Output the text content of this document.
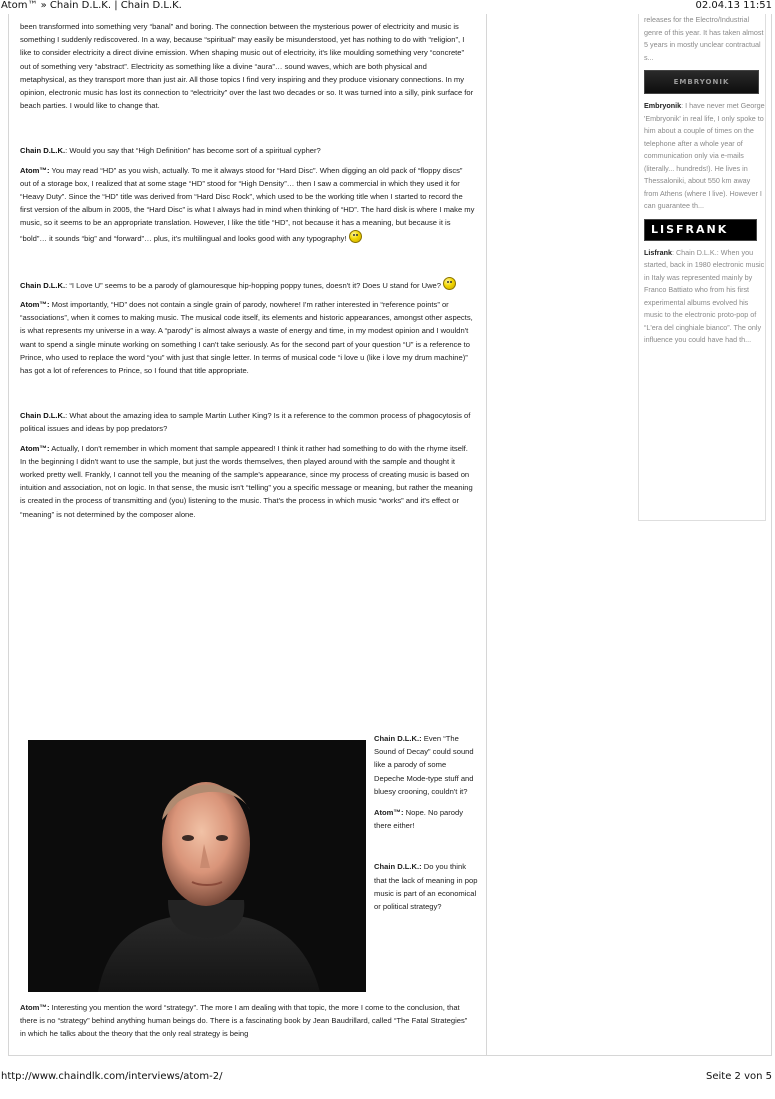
Atom™ » Chain D.L.K. | Chain D.L.K.	02.04.13 11:51

been transformed into something very “banal” and boring. The connection between the mysterious power of electricity and music is something I suddenly rediscovered. In a way, because “spiritual” may easily be misunderstood, yet has nothing to do with “religion”, I like to consider electricity a direct divine emission. When shaping music out of electricity, it's like moulding something very “concrete” out of something very “abstract”. Electricity as something like a divine “aura”… sound waves, which are both physical and metaphysical, as they transport more than just air. All those topics I find very inspiring and they produce visionary connections. In my opinion, electronic music has lost its connection to “electricity” over the last two decades or so. It was turned into a silly, pink surface for beach parties. I would like to change that.

Chain D.L.K.: Would you say that “High Definition” has become sort of a spiritual cypher?

Atom™: You may read “HD” as you wish, actually. To me it always stood for “Hard Disc”. When digging an old pack of “floppy discs” out of a storage box, I realized that at some stage “HD” stood for “High Density”… then I saw a commercial in which they used it for “Heavy Duty”. Since the “HD” title was derived from “Hard Disc Rock”, which used to be the working title when I started to record the first version of the album in 2005, the “Hard Disc” is what I always had in mind when thinking of “HD”. The hard disk is where I make my music, so it seems to be an appropriate translation. However, I like the title “HD”, not because it has a meaning, but because it is “bold”… it sounds “big” and “forward”… plus, it's multilingual and looks good with any typography!

Chain D.L.K.: “I Love U” seems to be a parody of glamouresque hip-hopping poppy tunes, doesn't it? Does U stand for Uwe?

Atom™: Most importantly, “HD” does not contain a single grain of parody, nowhere! I'm rather interested in “reference points” or “associations”, when it comes to making music. The musical code itself, its elements and historic appearances, amongst other aspects, is what represents my universe in a way. A “parody” is almost always a waste of energy and time, in my modest opinion and I wouldn't want to spend a single minute working on something I can't take seriously. As for the second part of your question “U” is a reference to Prince, who used to replace the word “you” with just that single letter. In terms of musical code “i love u (like i love my drum machine)” has got a lot of references to Prince, so I found that title appropriate.

Chain D.L.K.: What about the amazing idea to sample Martin Luther King? Is it a reference to the common process of phagocytosis of political issues and ideas by pop predators?

Atom™: Actually, I don't remember in which moment that sample appeared! I think it rather had something to do with the rhyme itself. In the beginning I didn't want to use the sample, but just the words themselves, then played around with the sample and thought it worked pretty well. Frankly, I cannot tell you the meaning of the sample's appearance, since my process of creating music is based on intuition and association, not on logic. In that sense, the music isn't “telling” you a specific message or meaning, but rather the meaning is created in the process of transmitting and (you) listening to the music. That's the process in which music “works” and it's effect or “meaning” is not determined by the composer alone.

Chain D.L.K.: Even “The Sound of Decay” could sound like a parody of some Depeche Mode-type stuff and bluesy crooning, couldn't it?

Atom™: Nope. No parody there either!

Chain D.L.K.: Do you think that the lack of meaning in pop music is part of an economical or political strategy?

Atom™: Interesting you mention the word “strategy”. The more I am dealing with that topic, the more I come to the conclusion, that there is no “strategy” behind anything human beings do. There is a fascinating book by Jean Baudrillard, called “The Fatal Strategies” in which he talks about the theory that the only real strategy is being

releases for the Electro/Industrial genre of this year. It has taken almost 5 years in mostly unclear contractual s...
EMBRYONIK
Embryonik: I have never met George 'Embryonik' in real life, I only spoke to him about a couple of times on the telephone after a whole year of communication only via e-mails (literally... hundreds!). He lives in Thessaloniki, about 550 km away from Athens (where I live). However I can guarantee th...
LISFRANK
Lisfrank: Chain D.L.K.: When you started, back in 1980 electronic music in Italy was represented mainly by Franco Battiato who from his first experimental albums evolved his music to the electronic proto-pop of “L'era del cinghiale bianco”. The only influence you could have had th...
http://www.chaindlk.com/interviews/atom-2/	Seite 2 von 5
